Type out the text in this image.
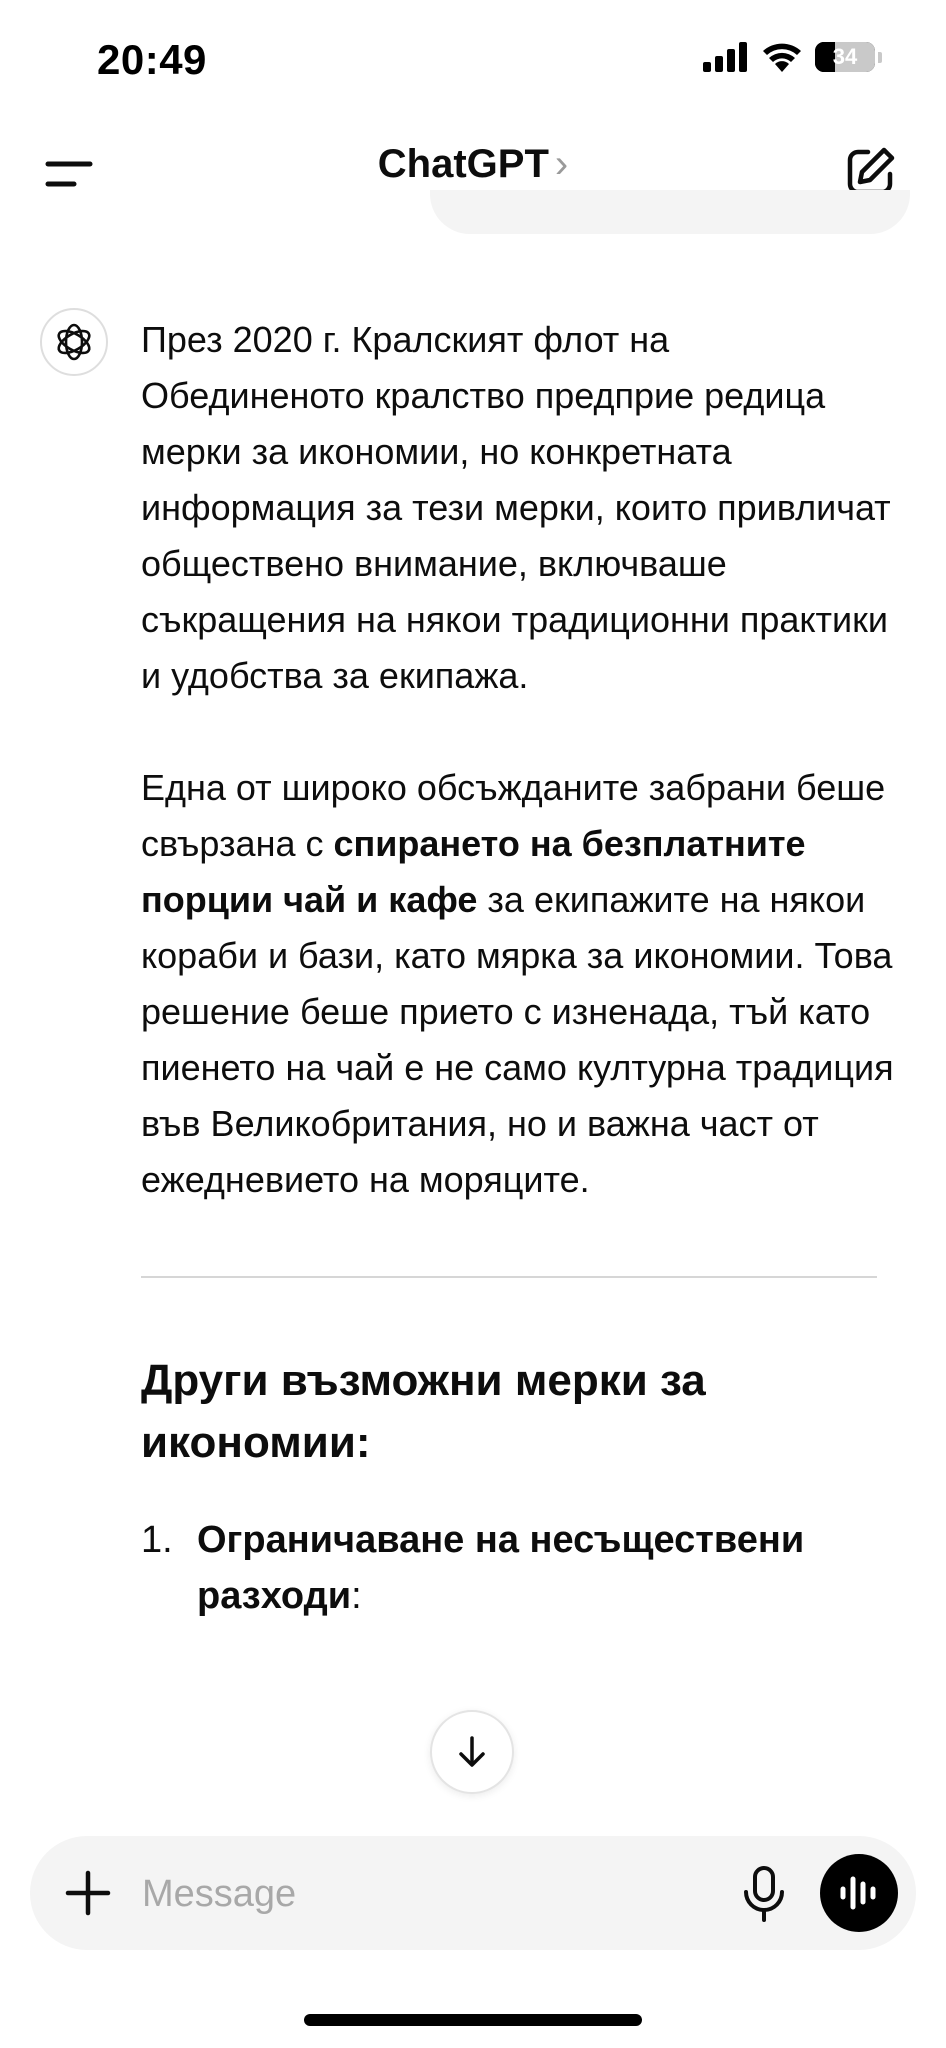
20:49	34
ChatGPT ›

През 2020 г. Кралският флот на Обединеното кралство предприе редица мерки за икономии, но конкретната информация за тези мерки, които привличат обществено внимание, включваше съкращения на някои традиционни практики и удобства за екипажа.

Една от широко обсъжданите забрани беше свързана с спирането на безплатните порции чай и кафе за екипажите на някои кораби и бази, като мярка за икономии. Това решение беше прието с изненада, тъй като пиенето на чай е не само културна традиция във Великобритания, но и важна част от ежедневието на моряците.

Други възможни мерки за икономии:
1. Ограничаване на несъществени разходи:
Message
